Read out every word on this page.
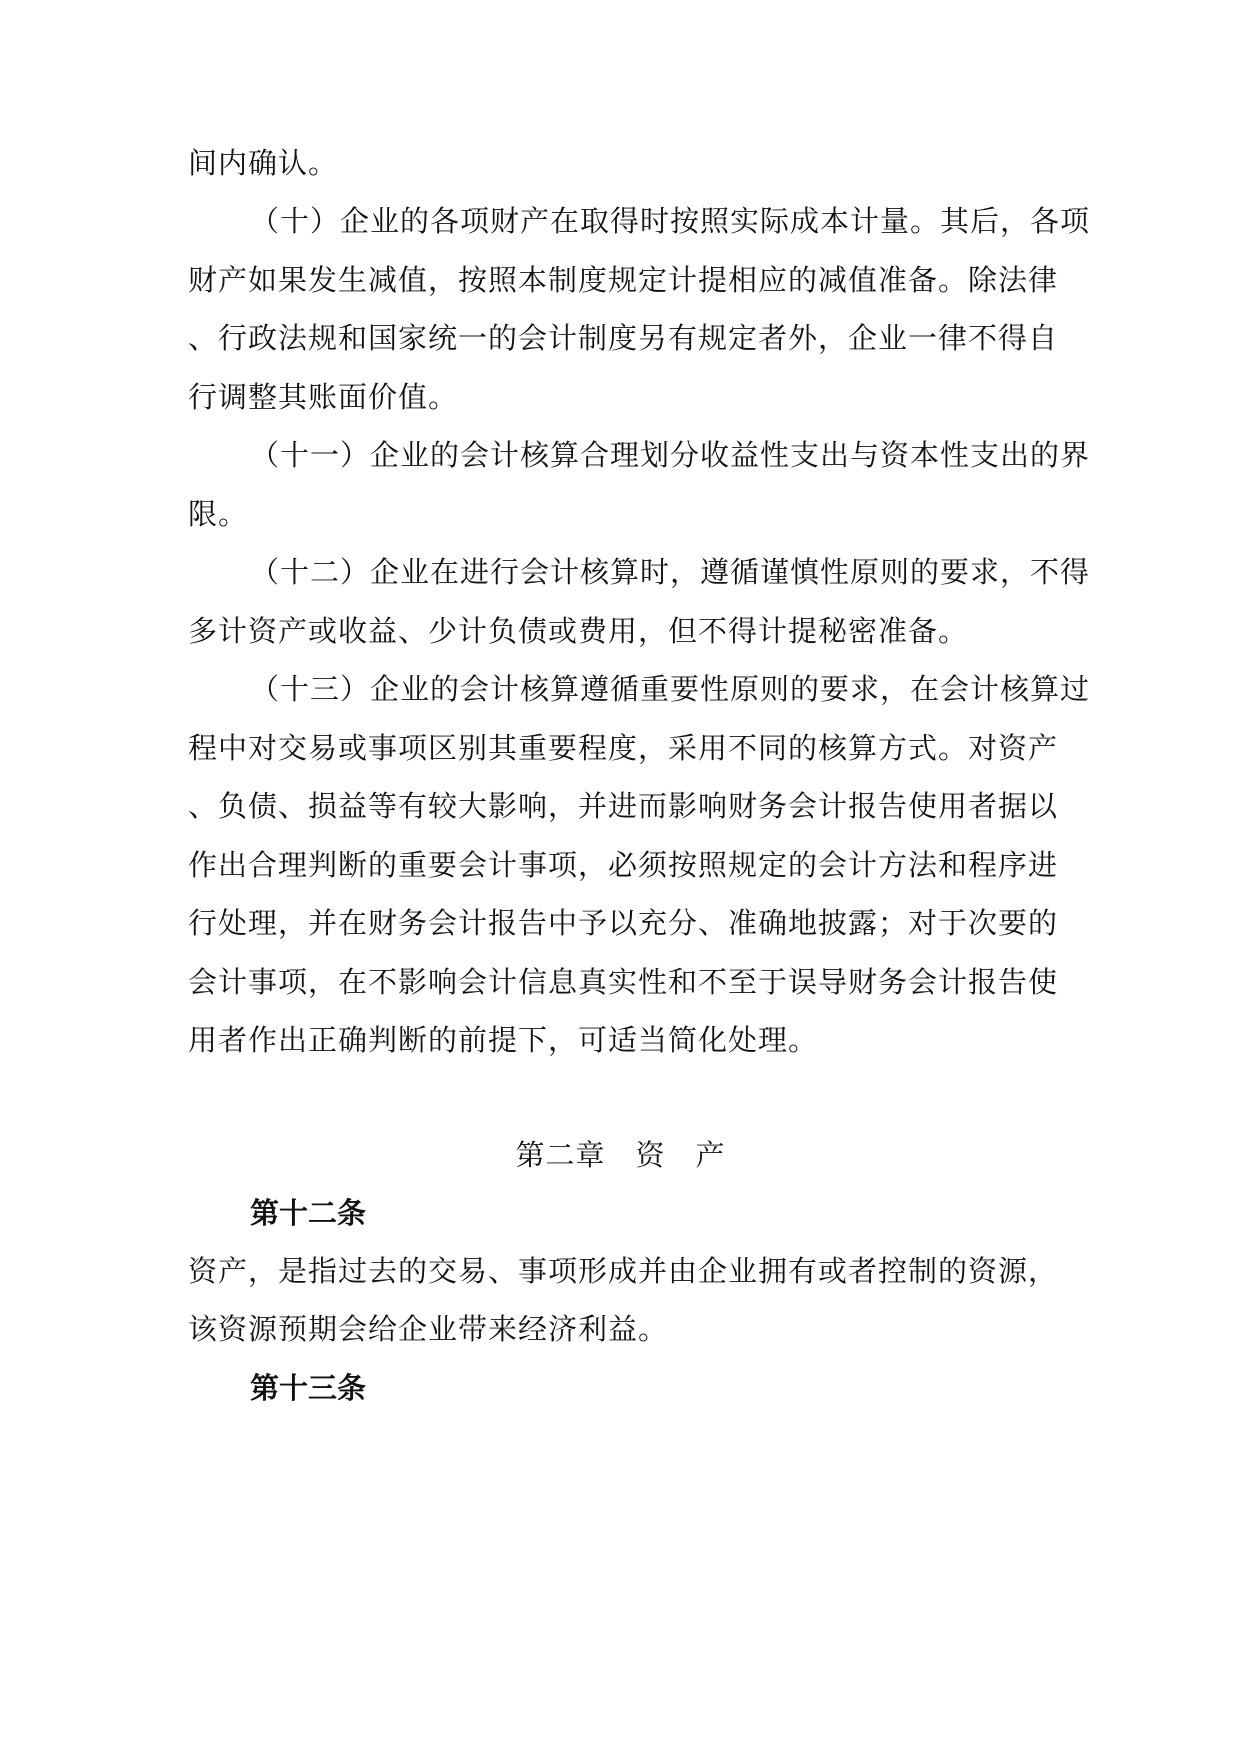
间内确认。
（十）企业的各项财产在取得时按照实际成本计量。其后，各项
财产如果发生减值，按照本制度规定计提相应的减值准备。除法律
、行政法规和国家统一的会计制度另有规定者外，企业一律不得自
行调整其账面价值。
（十一）企业的会计核算合理划分收益性支出与资本性支出的界
限。
（十二）企业在进行会计核算时，遵循谨慎性原则的要求，不得
多计资产或收益、少计负债或费用，但不得计提秘密准备。
（十三）企业的会计核算遵循重要性原则的要求，在会计核算过
程中对交易或事项区别其重要程度，采用不同的核算方式。对资产
、负债、损益等有较大影响，并进而影响财务会计报告使用者据以
作出合理判断的重要会计事项，必须按照规定的会计方法和程序进
行处理，并在财务会计报告中予以充分、准确地披露；对于次要的
会计事项，在不影响会计信息真实性和不至于误导财务会计报告使
用者作出正确判断的前提下，可适当简化处理。
第二章　资　产
第十二条
资产，是指过去的交易、事项形成并由企业拥有或者控制的资源，
该资源预期会给企业带来经济利益。
第十三条
